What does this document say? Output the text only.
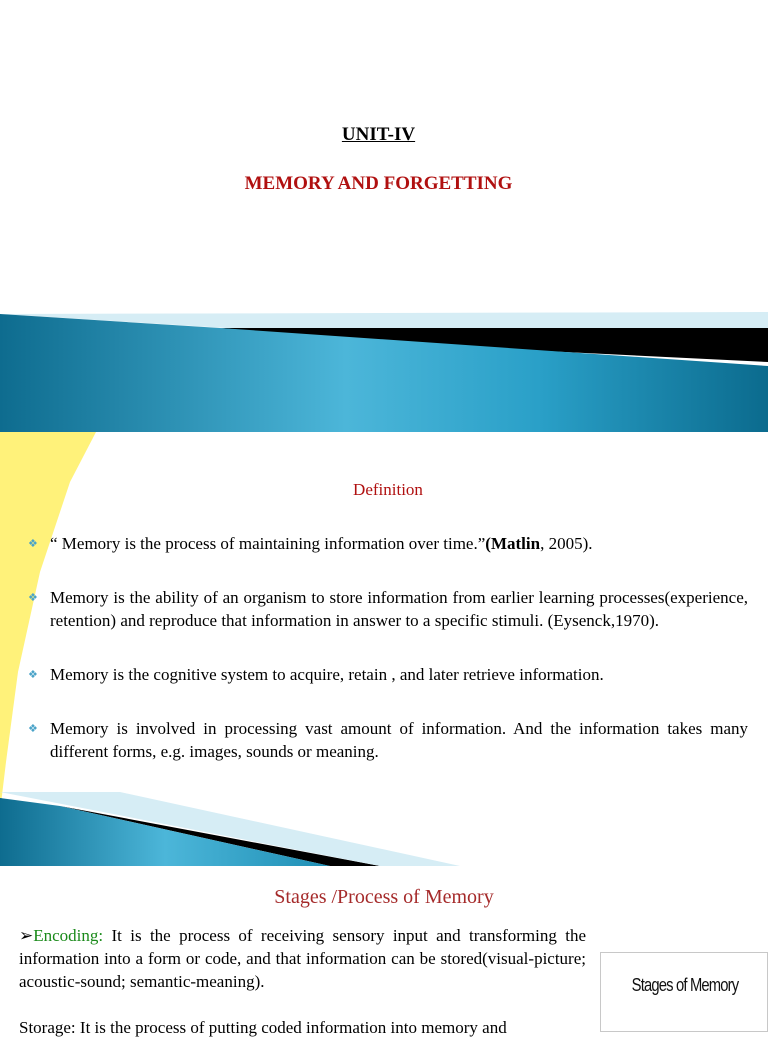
UNIT-IV
MEMORY AND FORGETTING
Definition
❖ “ Memory is the process of maintaining information over time.”(Matlin, 2005).
❖ Memory is the ability of an organism to store information from earlier learning processes(experience, retention) and reproduce that information in answer to a specific stimuli. (Eysenck,1970).
❖ Memory is the cognitive system to acquire, retain , and later retrieve information.
❖ Memory is involved in processing vast amount of information. And the information takes many different forms, e.g. images, sounds or meaning.
Stages /Process of Memory

➢Encoding: It is the process of receiving sensory input and transforming the information into a form or code, and that information can be stored(visual-picture; acoustic-sound; semantic-meaning).

Storage: It is the process of putting coded information into memory and

Stages of Memory
